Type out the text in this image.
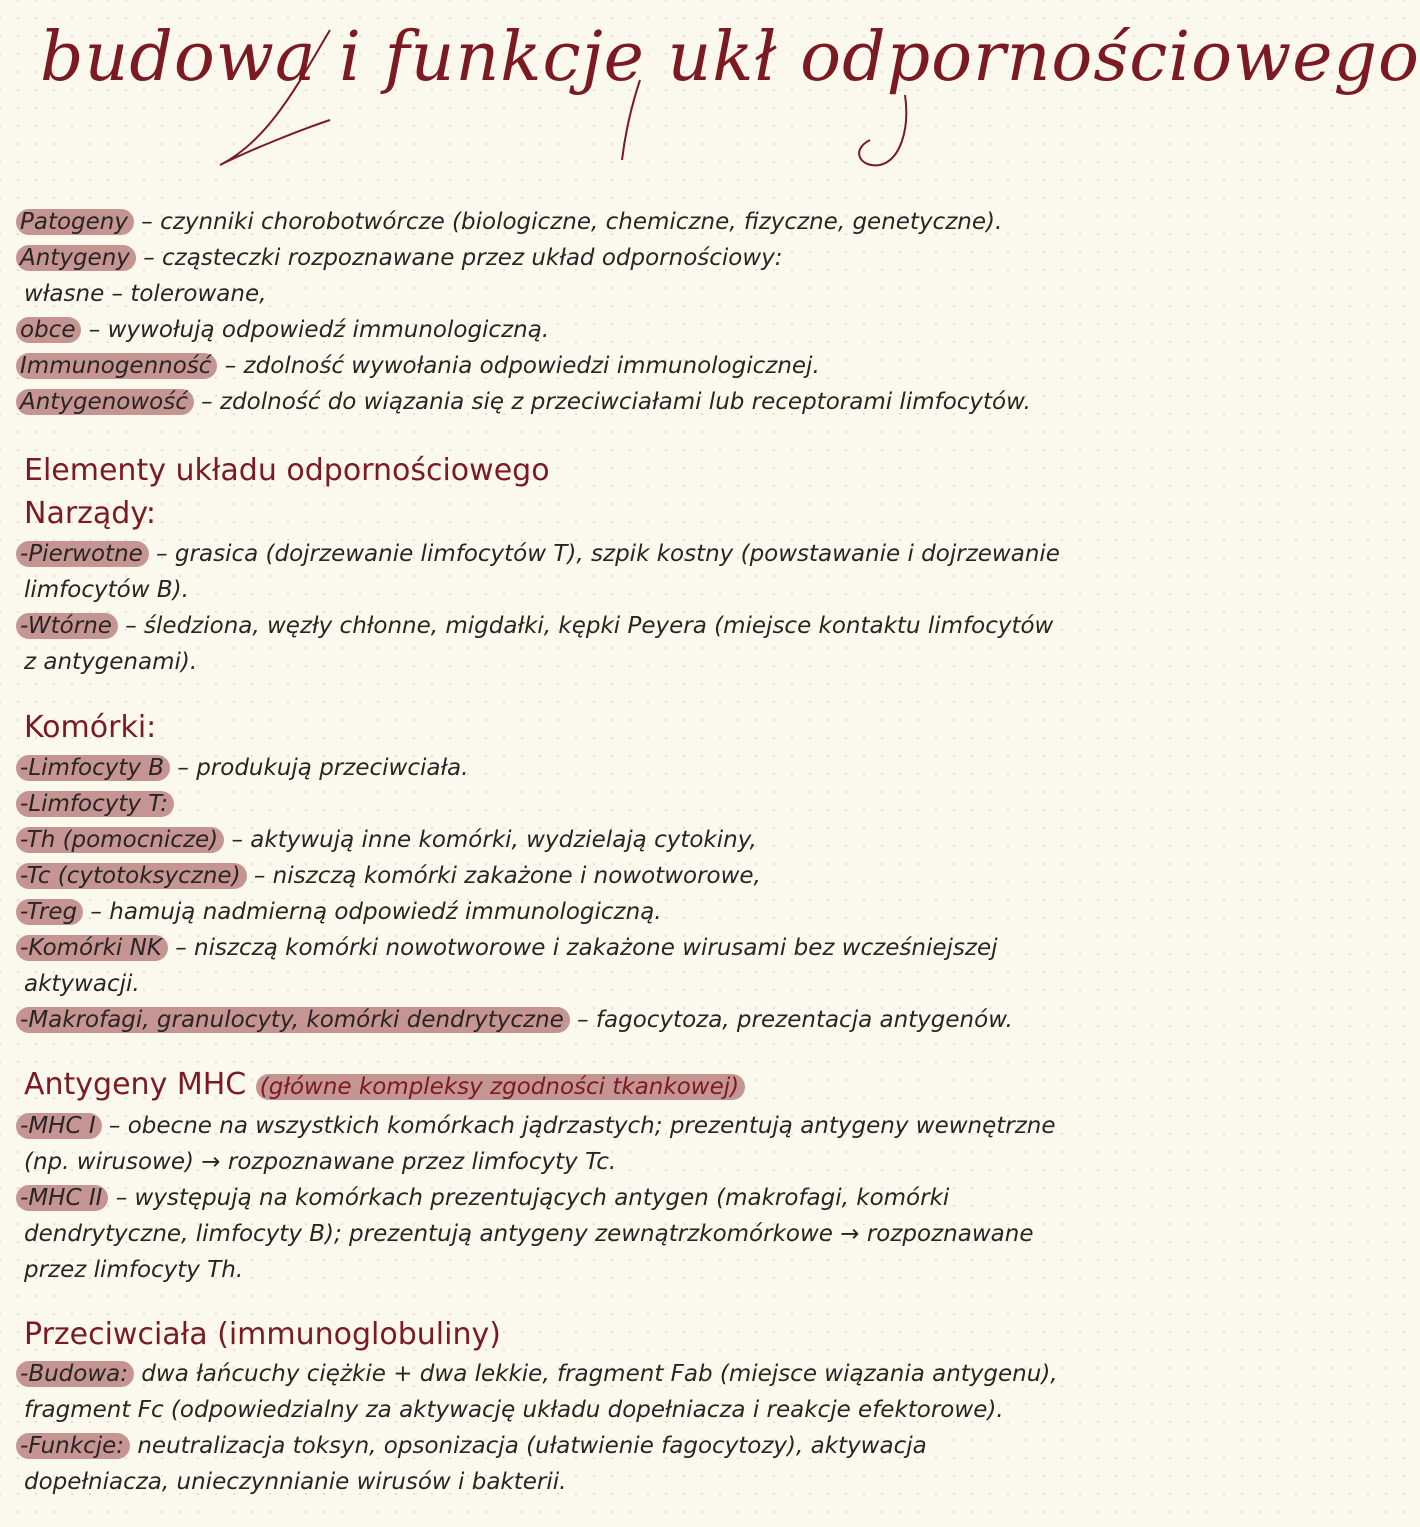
budowa i funkcje ukł odpornościowego

Patogeny – czynniki chorobotwórcze (biologiczne, chemiczne, fizyczne, genetyczne).

Antygeny – cząsteczki rozpoznawane przez układ odpornościowy:

własne – tolerowane,

obce – wywołują odpowiedź immunologiczną.

Immunogenność – zdolność wywołania odpowiedzi immunologicznej.

Antygenowość – zdolność do wiązania się z przeciwciałami lub receptorami limfocytów.

Elementy układu odpornościowego
Narządy:

- Pierwotne – grasica (dojrzewanie limfocytów T), szpik kostny (powstawanie i dojrzewanie limfocytów B).

- Wtórne – śledziona, węzły chłonne, migdałki, kępki Peyera (miejsce kontaktu limfocytów z antygenami).

Komórki:

- Limfocyty B – produkują przeciwciała.

- Limfocyty T:

- Th (pomocnicze) – aktywują inne komórki, wydzielają cytokiny,

- Tc (cytotoksyczne) – niszczą komórki zakażone i nowotworowe,

- Treg – hamują nadmierną odpowiedź immunologiczną.

- Komórki NK – niszczą komórki nowotworowe i zakażone wirusami bez wcześniejszej aktywacji.

- Makrofagi, granulocyty, komórki dendrytyczne – fagocytoza, prezentacja antygenów.

Antygeny MHC (główne kompleksy zgodności tkankowej)

- MHC I – obecne na wszystkich komórkach jądrzastych; prezentują antygeny wewnętrzne (np. wirusowe) → rozpoznawane przez limfocyty Tc.

- MHC II – występują na komórkach prezentujących antygen (makrofagi, komórki dendrytyczne, limfocyty B); prezentują antygeny zewnątrzkomórkowe → rozpoznawane przez limfocyty Th.

Przeciwciała (immunoglobuliny)

- Budowa: dwa łańcuchy ciężkie + dwa lekkie, fragment Fab (miejsce wiązania antygenu), fragment Fc (odpowiedzialny za aktywację układu dopełniacza i reakcje efektorowe).

- Funkcje: neutralizacja toksyn, opsonizacja (ułatwienie fagocytozy), aktywacja dopełniacza, unieczynnianie wirusów i bakterii.
